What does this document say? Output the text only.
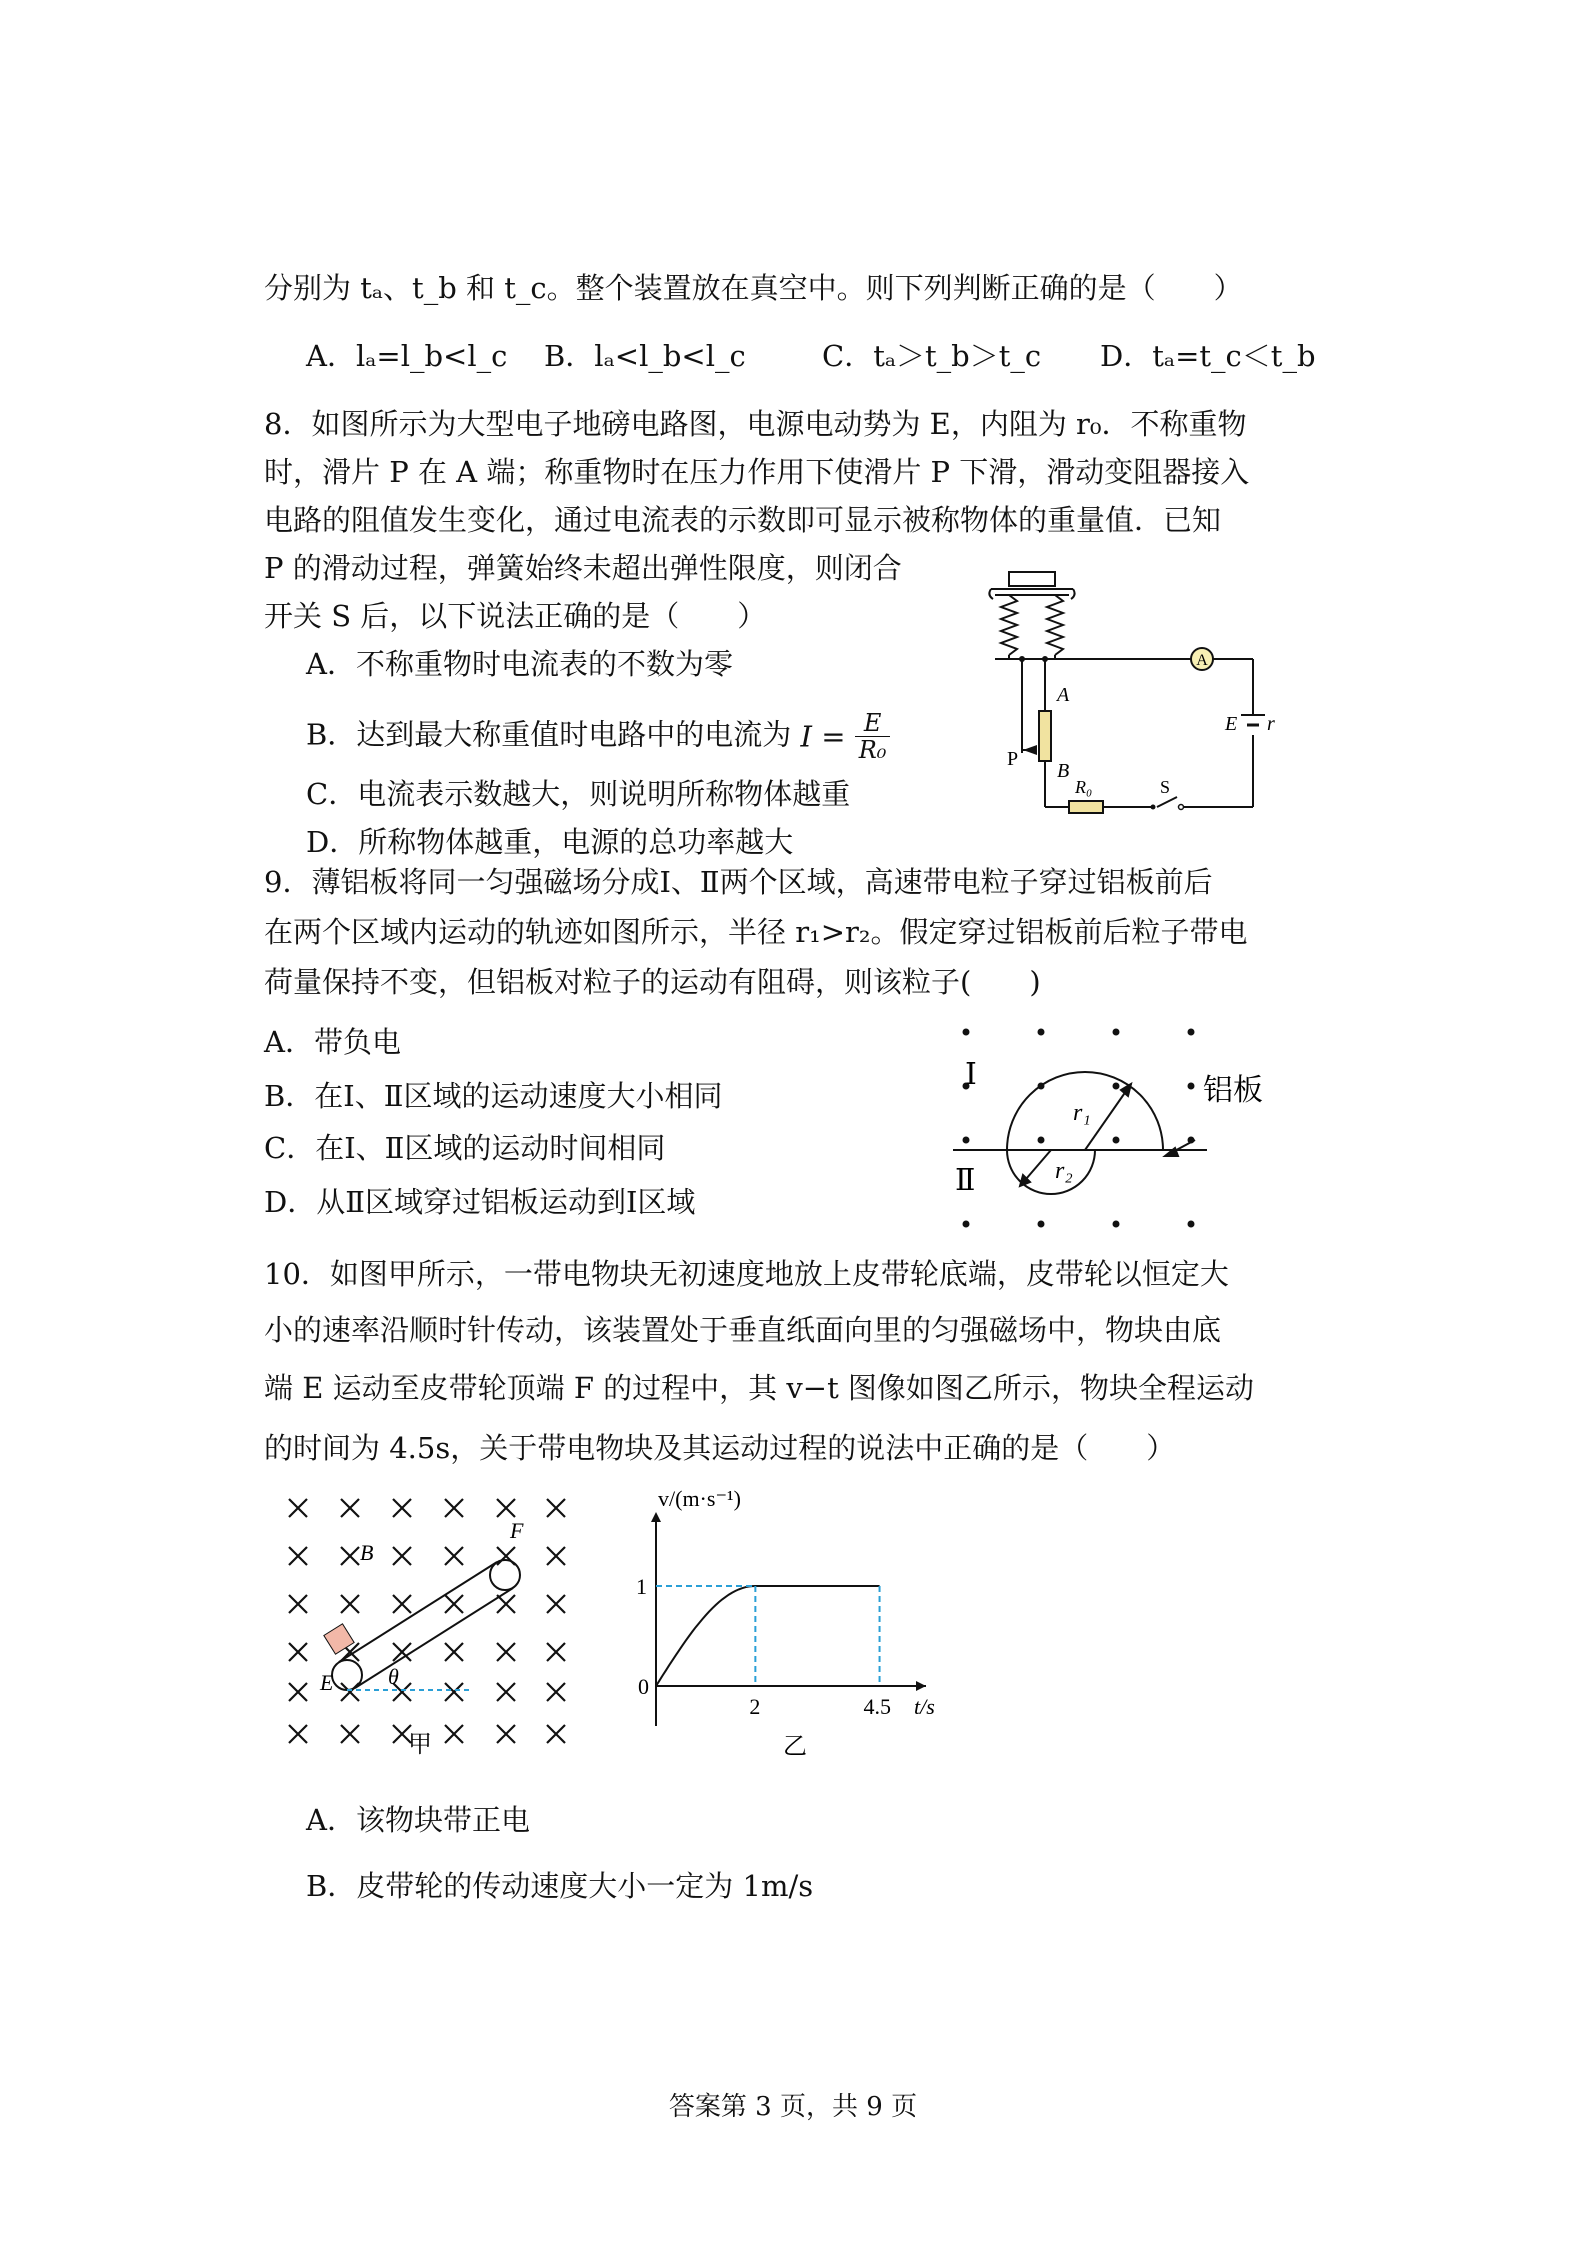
分别为 tₐ、t_b 和 t_c。整个装置放在真空中。则下列判断正确的是（　　）
A．lₐ=l_b<l_c B．lₐ<l_b<l_c	C．tₐ＞t_b＞t_c D．tₐ=t_c＜t_b
8．如图所示为大型电子地磅电路图，电源电动势为 E，内阻为 r₀．不称重物
时，滑片 P 在 A 端；称重物时在压力作用下使滑片 P 下滑，滑动变阻器接入
电路的阻值发生变化，通过电流表的示数即可显示被称物体的重量值．已知
P 的滑动过程，弹簧始终未超出弹性限度，则闭合
开关 S 后，以下说法正确的是（　　）
A．不称重物时电流表的不数为零
B．达到最大称重值时电路中的电流为 $I = \frac{E}{\text{R₀}}$
C．电流表示数越大，则说明所称物体越重
D．所称物体越重，电源的总功率越大
A
A
B
P
E r
R₀	S
9．薄铝板将同一匀强磁场分成Ⅰ、Ⅱ两个区域，高速带电粒子穿过铝板前后
在两个区域内运动的轨迹如图所示，半径 r₁>r₂。假定穿过铝板前后粒子带电
荷量保持不变，但铝板对粒子的运动有阻碍，则该粒子(　　)
A．带负电
B．在Ⅰ、Ⅱ区域的运动速度大小相同
C．在Ⅰ、Ⅱ区域的运动时间相同
D．从Ⅱ区域穿过铝板运动到Ⅰ区域
Ⅰ
Ⅱ
r₁
r₂
铝板
10．如图甲所示，一带电物块无初速度地放上皮带轮底端，皮带轮以恒定大
小的速率沿顺时针传动，该装置处于垂直纸面向里的匀强磁场中，物块由底
端 E 运动至皮带轮顶端 F 的过程中，其 v−t 图像如图乙所示，物块全程运动
的时间为 4.5s，关于带电物块及其运动过程的说法中正确的是（　　）
E
F
B
θ
甲
0
2	4.5
1
t/s
v/(m·s⁻¹)
乙
A．该物块带正电
B．皮带轮的传动速度大小一定为 1m/s
答案第 3 页，共 9 页
